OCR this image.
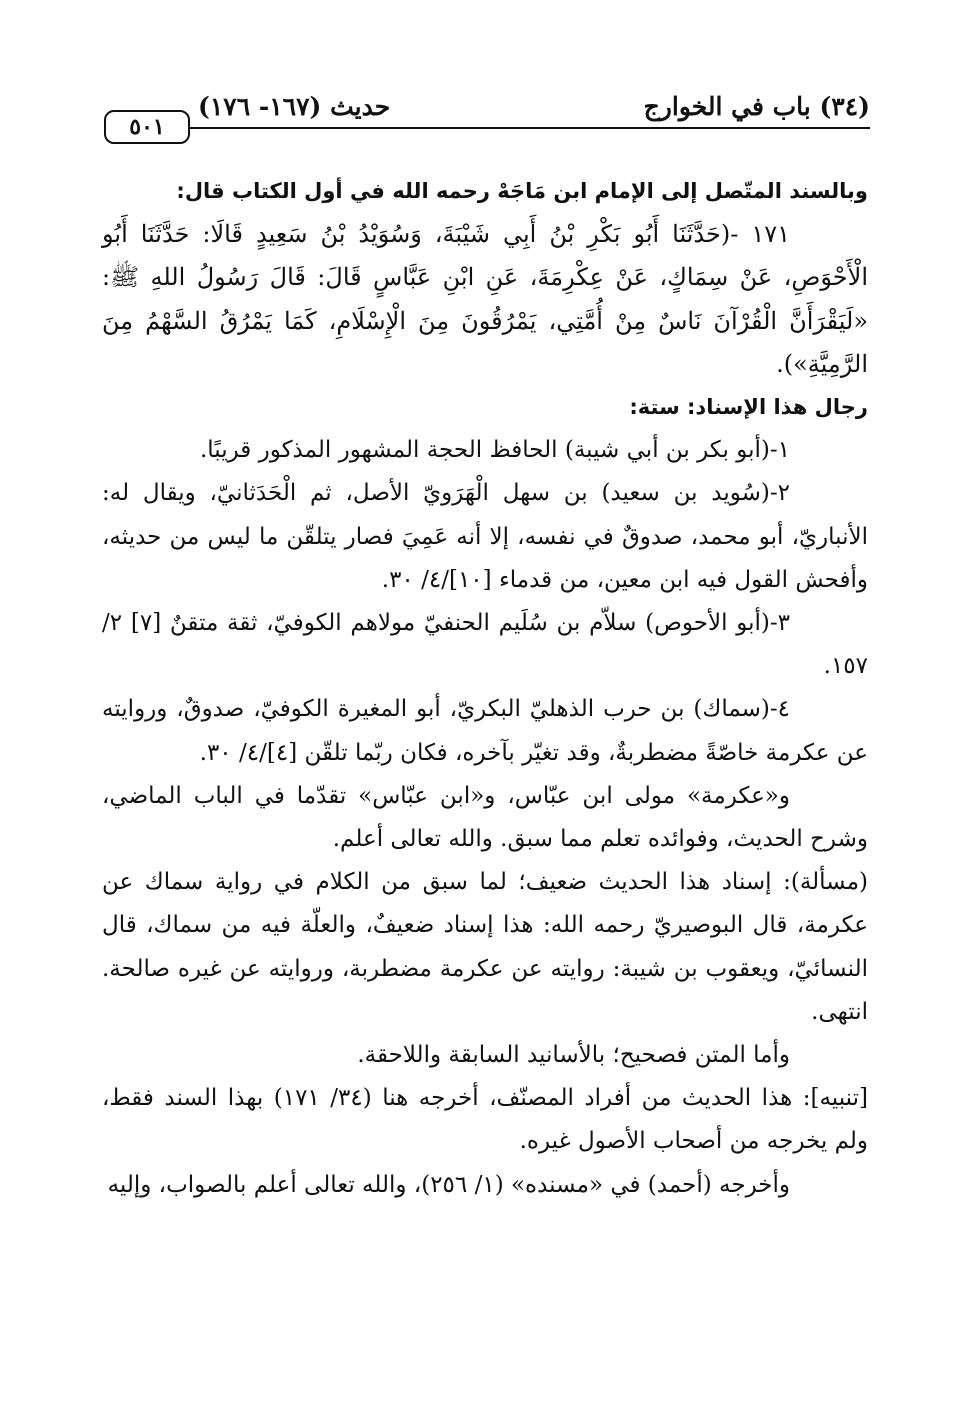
(٣٤) باب في الخوارج
حديث (١٦٧- ١٧٦)
٥٠١

وبالسند المتّصل إلى الإمام ابن مَاجَهْ رحمه الله في أول الكتاب قال:

١٧١ -(حَدَّثَنَا أَبُو بَكْرِ بْنُ أَبِي شَيْبَةَ، وَسُوَيْدُ بْنُ سَعِيدٍ قَالَا: حَدَّثَنَا أَبُو الْأَحْوَصِ، عَنْ سِمَاكٍ، عَنْ عِكْرِمَةَ، عَنِ ابْنِ عَبَّاسٍ قَالَ: قَالَ رَسُولُ اللهِ ﷺ: «لَيَقْرَأَنَّ الْقُرْآنَ نَاسٌ مِنْ أُمَّتِي، يَمْرُقُونَ مِنَ الْإِسْلَامِ، كَمَا يَمْرُقُ السَّهْمُ مِنَ الرَّمِيَّةِ»).

رجال هذا الإسناد: ستة:

١-(أبو بكر بن أبي شيبة) الحافظ الحجة المشهور المذكور قريبًا.

٢-(سُويد بن سعيد) بن سهل الْهَرَويّ الأصل، ثم الْحَدَثانيّ، ويقال له: الأنباريّ، أبو محمد، صدوقٌ في نفسه، إلا أنه عَمِيَ فصار يتلقّن ما ليس من حديثه، وأفحش القول فيه ابن معين، من قدماء [١٠]/٤/ ٣٠.

٣-(أبو الأحوص) سلاّم بن سُلَيم الحنفيّ مولاهم الكوفيّ، ثقة متقنٌ [٧] ٢/ ١٥٧.

٤-(سماك) بن حرب الذهليّ البكريّ، أبو المغيرة الكوفيّ، صدوقٌ، وروايته عن عكرمة خاصّةً مضطربةٌ، وقد تغيّر بآخره، فكان ربّما تلقّن [٤]/٤/ ٣٠.

و«عكرمة» مولى ابن عبّاس، و«ابن عبّاس» تقدّما في الباب الماضي، وشرح الحديث، وفوائده تعلم مما سبق. والله تعالى أعلم.

(مسألة): إسناد هذا الحديث ضعيف؛ لما سبق من الكلام في رواية سماك عن عكرمة، قال البوصيريّ رحمه الله: هذا إسناد ضعيفٌ، والعلّة فيه من سماك، قال النسائيّ، ويعقوب بن شيبة: روايته عن عكرمة مضطربة، وروايته عن غيره صالحة. انتهى.

وأما المتن فصحيح؛ بالأسانيد السابقة واللاحقة.

[تنبيه]: هذا الحديث من أفراد المصنّف، أخرجه هنا (٣٤/ ١٧١) بهذا السند فقط، ولم يخرجه من أصحاب الأصول غيره.

وأخرجه (أحمد) في «مسنده» (١/ ٢٥٦)، والله تعالى أعلم بالصواب، وإليه
